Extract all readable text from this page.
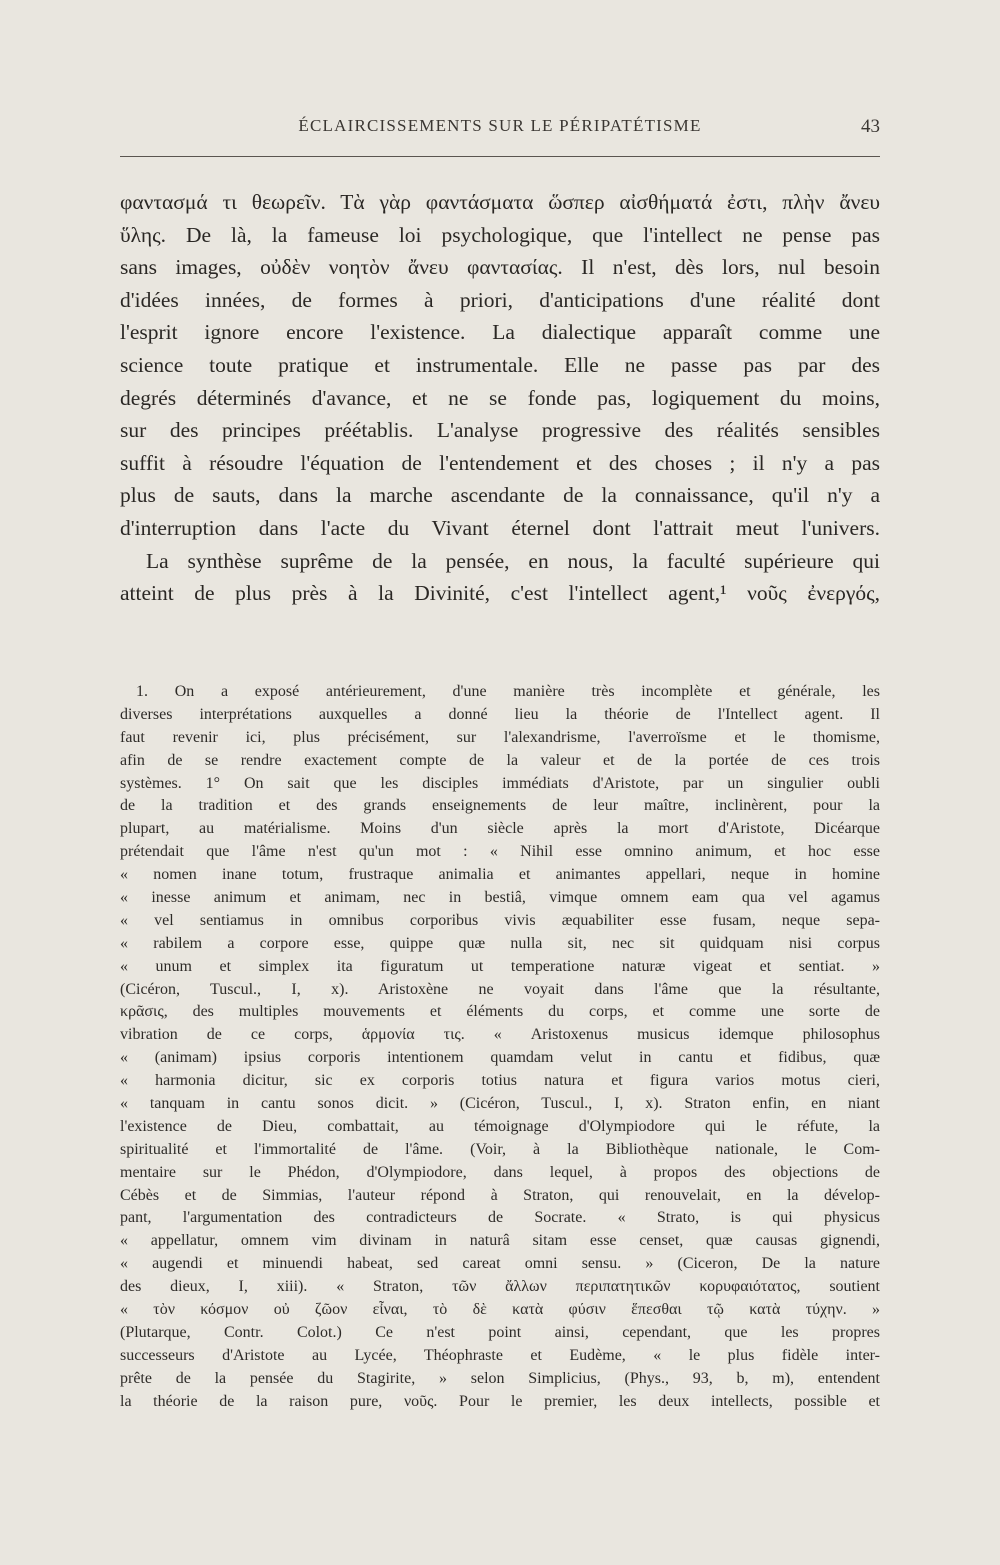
ÉCLAIRCISSEMENTS SUR LE PÉRIPATÉTISME	43
φαντασμά τι θεωρεῖν. Τὰ γὰρ φαντάσματα ὥσπερ αἰσθήματά ἐστι, πλὴν ἄνευ
ὕλης. De là, la fameuse loi psychologique, que l'intellect ne pense pas
sans images, οὐδὲν νοητὸν ἄνευ φαντασίας. Il n'est, dès lors, nul besoin
d'idées innées, de formes à priori, d'anticipations d'une réalité dont
l'esprit ignore encore l'existence. La dialectique apparaît comme une
science toute pratique et instrumentale. Elle ne passe pas par des
degrés déterminés d'avance, et ne se fonde pas, logiquement du moins,
sur des principes préétablis. L'analyse progressive des réalités sensibles
suffit à résoudre l'équation de l'entendement et des choses ; il n'y a pas
plus de sauts, dans la marche ascendante de la connaissance, qu'il n'y a
d'interruption dans l'acte du Vivant éternel dont l'attrait meut l'univers.
La synthèse suprême de la pensée, en nous, la faculté supérieure qui
atteint de plus près à la Divinité, c'est l'intellect agent,¹ νοῦς ἐνεργός,
1. On a exposé antérieurement, d'une manière très incomplète et générale, les
diverses interprétations auxquelles a donné lieu la théorie de l'Intellect agent. Il
faut revenir ici, plus précisément, sur l'alexandrisme, l'averroïsme et le thomisme,
afin de se rendre exactement compte de la valeur et de la portée de ces trois
systèmes. 1° On sait que les disciples immédiats d'Aristote, par un singulier oubli
de la tradition et des grands enseignements de leur maître, inclinèrent, pour la
plupart, au matérialisme. Moins d'un siècle après la mort d'Aristote, Dicéarque
prétendait que l'âme n'est qu'un mot : « Nihil esse omnino animum, et hoc esse
« nomen inane totum, frustraque animalia et animantes appellari, neque in homine
« inesse animum et animam, nec in bestiâ, vimque omnem eam qua vel agamus
« vel sentiamus in omnibus corporibus vivis æquabiliter esse fusam, neque sepa-
« rabilem a corpore esse, quippe quæ nulla sit, nec sit quidquam nisi corpus
« unum et simplex ita figuratum ut temperatione naturæ vigeat et sentiat. »
(Cicéron, Tuscul., I, x). Aristoxène ne voyait dans l'âme que la résultante,
κρᾶσις, des multiples mouvements et éléments du corps, et comme une sorte de
vibration de ce corps, ἁρμονία τις. « Aristoxenus musicus idemque philosophus
« (animam) ipsius corporis intentionem quamdam velut in cantu et fidibus, quæ
« harmonia dicitur, sic ex corporis totius natura et figura varios motus cieri,
« tanquam in cantu sonos dicit. » (Cicéron, Tuscul., I, x). Straton enfin, en niant
l'existence de Dieu, combattait, au témoignage d'Olympiodore qui le réfute, la
spiritualité et l'immortalité de l'âme. (Voir, à la Bibliothèque nationale, le Com-
mentaire sur le Phédon, d'Olympiodore, dans lequel, à propos des objections de
Cébès et de Simmias, l'auteur répond à Straton, qui renouvelait, en la dévelop-
pant, l'argumentation des contradicteurs de Socrate. « Strato, is qui physicus
« appellatur, omnem vim divinam in naturâ sitam esse censet, quæ causas gignendi,
« augendi et minuendi habeat, sed careat omni sensu. » (Ciceron, De la nature
des dieux, I, xiii). « Straton, τῶν ἄλλων περιπατητικῶν κορυφαιότατος, soutient
« τὸν κόσμον οὐ ζῶον εἶναι, τὸ δὲ κατὰ φύσιν ἕπεσθαι τῷ κατὰ τύχην. »
(Plutarque, Contr. Colot.) Ce n'est point ainsi, cependant, que les propres
successeurs d'Aristote au Lycée, Théophraste et Eudème, « le plus fidèle inter-
prête de la pensée du Stagirite, » selon Simplicius, (Phys., 93, b, m), entendent
la théorie de la raison pure, νοῦς. Pour le premier, les deux intellects, possible et
